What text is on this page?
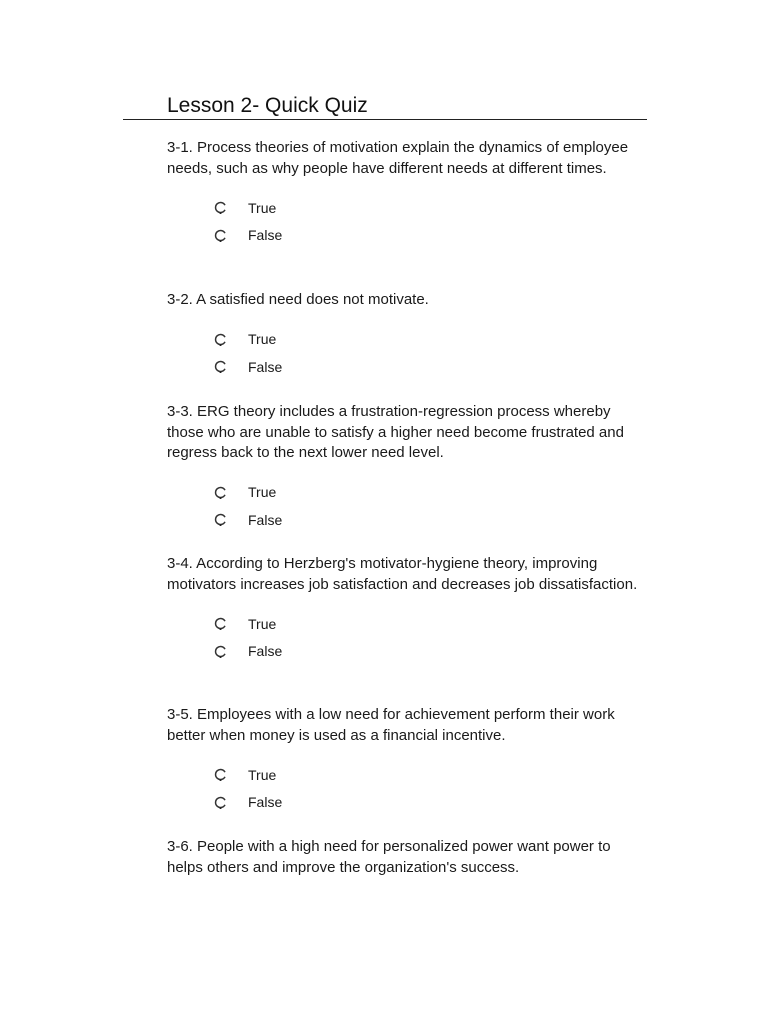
Lesson 2- Quick Quiz

3-1. Process theories of motivation explain the dynamics of employee needs, such as why people have different needs at different times.

True
False

3-2. A satisfied need does not motivate.

True
False

3-3. ERG theory includes a frustration-regression process whereby those who are unable to satisfy a higher need become frustrated and regress back to the next lower need level.

True
False

3-4. According to Herzberg's motivator-hygiene theory, improving motivators increases job satisfaction and decreases job dissatisfaction.

True
False

3-5. Employees with a low need for achievement perform their work better when money is used as a financial incentive.

True
False

3-6. People with a high need for personalized power want power to helps others and improve the organization's success.
